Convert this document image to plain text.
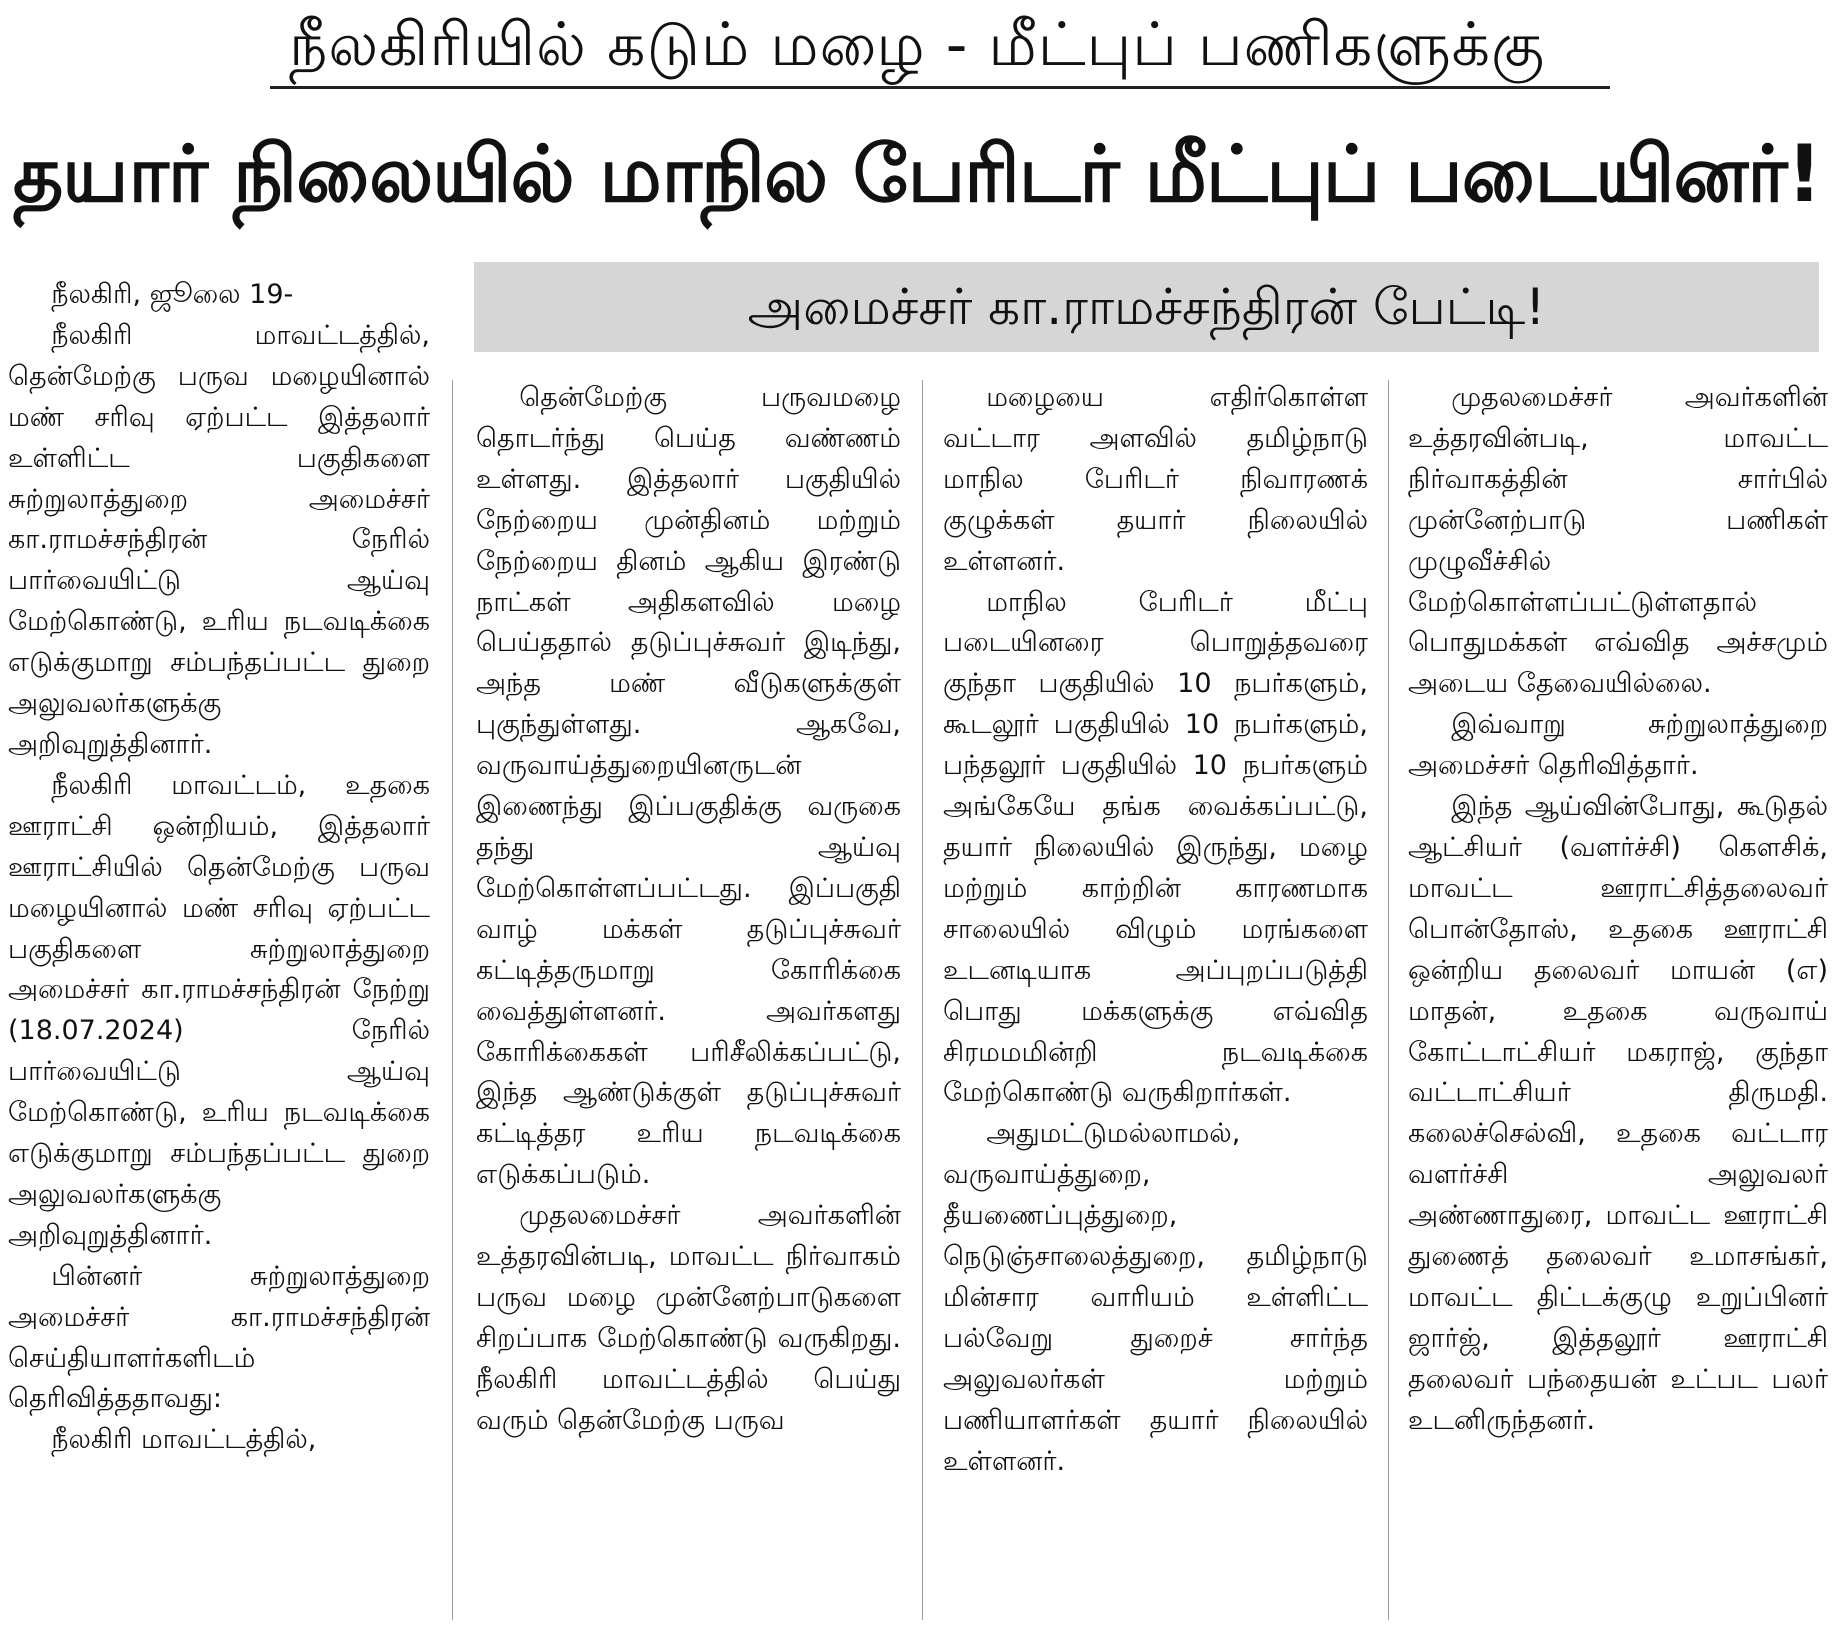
நீலகிரியில் கடும் மழை - மீட்புப் பணிகளுக்கு
தயார் நிலையில் மாநில பேரிடர் மீட்புப் படையினர்!
அமைச்சர் கா.ராமச்சந்திரன் பேட்டி!

நீலகிரி, ஜூலை 19-

நீலகிரி மாவட்டத்தில், தென்மேற்கு பருவ மழையினால் மண் சரிவு ஏற்பட்ட இத்தலார் உள்ளிட்ட பகுதிகளை சுற்றுலாத்துறை அமைச்சர் கா.ராமச்சந்திரன் நேரில் பார்வையிட்டு ஆய்வு மேற்கொண்டு, உரிய நடவடிக்கை எடுக்குமாறு சம்பந்தப்பட்ட துறை அலுவலர்களுக்கு அறிவுறுத்தினார்.

நீலகிரி மாவட்டம், உதகை ஊராட்சி ஒன்றியம், இத்தலார் ஊராட்சியில் தென்மேற்கு பருவ மழையினால் மண் சரிவு ஏற்பட்ட பகுதிகளை சுற்றுலாத்துறை அமைச்சர் கா.ராமச்சந்திரன் நேற்று (18.07.2024) நேரில் பார்வையிட்டு ஆய்வு மேற்கொண்டு, உரிய நடவடிக்கை எடுக்குமாறு சம்பந்தப்பட்ட துறை அலுவலர்களுக்கு அறிவுறுத்தினார்.

பின்னர் சுற்றுலாத்துறை அமைச்சர் கா.ராமச்சந்திரன் செய்தியாளர்களிடம் தெரிவித்ததாவது:

நீலகிரி மாவட்டத்தில்,

தென்மேற்கு பருவமழை தொடர்ந்து பெய்த வண்ணம் உள்ளது. இத்தலார் பகுதியில் நேற்றைய முன்தினம் மற்றும் நேற்றைய தினம் ஆகிய இரண்டு நாட்கள் அதிகளவில் மழை பெய்ததால் தடுப்புச்சுவர் இடிந்து, அந்த மண் வீடுகளுக்குள் புகுந்துள்ளது. ஆகவே, வருவாய்த்துறையினருடன் இணைந்து இப்பகுதிக்கு வருகை தந்து ஆய்வு மேற்கொள்ளப்பட்டது. இப்பகுதி வாழ் மக்கள் தடுப்புச்சுவர் கட்டித்தருமாறு கோரிக்கை வைத்துள்ளனர். அவர்களது கோரிக்கைகள் பரிசீலிக்கப்பட்டு, இந்த ஆண்டுக்குள் தடுப்புச்சுவர் கட்டித்தர உரிய நடவடிக்கை எடுக்கப்படும்.

முதலமைச்சர் அவர்களின் உத்தரவின்படி, மாவட்ட நிர்வாகம் பருவ மழை முன்னேற்பாடுகளை சிறப்பாக மேற்கொண்டு வருகிறது. நீலகிரி மாவட்டத்தில் பெய்து வரும் தென்மேற்கு பருவ

மழையை எதிர்கொள்ள வட்டார அளவில் தமிழ்நாடு மாநில பேரிடர் நிவாரணக் குழுக்கள் தயார் நிலையில் உள்ளனர்.

மாநில பேரிடர் மீட்பு படையினரை பொறுத்தவரை குந்தா பகுதியில் 10 நபர்களும், கூடலூர் பகுதியில் 10 நபர்களும், பந்தலூர் பகுதியில் 10 நபர்களும் அங்கேயே தங்க வைக்கப்பட்டு, தயார் நிலையில் இருந்து, மழை மற்றும் காற்றின் காரணமாக சாலையில் விழும் மரங்களை உடனடியாக அப்புறப்படுத்தி பொது மக்களுக்கு எவ்வித சிரமமமின்றி நடவடிக்கை மேற்கொண்டு வருகிறார்கள்.

அதுமட்டுமல்லாமல், வருவாய்த்துறை, தீயணைப்புத்துறை, நெடுஞ்சாலைத்துறை, தமிழ்நாடு மின்சார வாரியம் உள்ளிட்ட பல்வேறு துறைச் சார்ந்த அலுவலர்கள் மற்றும் பணியாளர்கள் தயார் நிலையில் உள்ளனர்.

முதலமைச்சர் அவர்களின் உத்தரவின்படி, மாவட்ட நிர்வாகத்தின் சார்பில் முன்னேற்பாடு பணிகள் முழுவீச்சில் மேற்கொள்ளப்பட்டுள்ளதால் பொதுமக்கள் எவ்வித அச்சமும் அடைய தேவையில்லை.

இவ்வாறு சுற்றுலாத்துறை அமைச்சர் தெரிவித்தார்.

இந்த ஆய்வின்போது, கூடுதல் ஆட்சியர் (வளர்ச்சி) கௌசிக், மாவட்ட ஊராட்சித்தலைவர் பொன்தோஸ், உதகை ஊராட்சி ஒன்றிய தலைவர் மாயன் (எ) மாதன், உதகை வருவாய் கோட்டாட்சியர் மகராஜ், குந்தா வட்டாட்சியர் திருமதி. கலைச்செல்வி, உதகை வட்டார வளர்ச்சி அலுவலர் அண்ணாதுரை, மாவட்ட ஊராட்சி துணைத் தலைவர் உமாசங்கர், மாவட்ட திட்டக்குழு உறுப்பினர் ஜார்ஜ், இத்தலூர் ஊராட்சி தலைவர் பந்தையன் உட்பட பலர் உடனிருந்தனர்.
